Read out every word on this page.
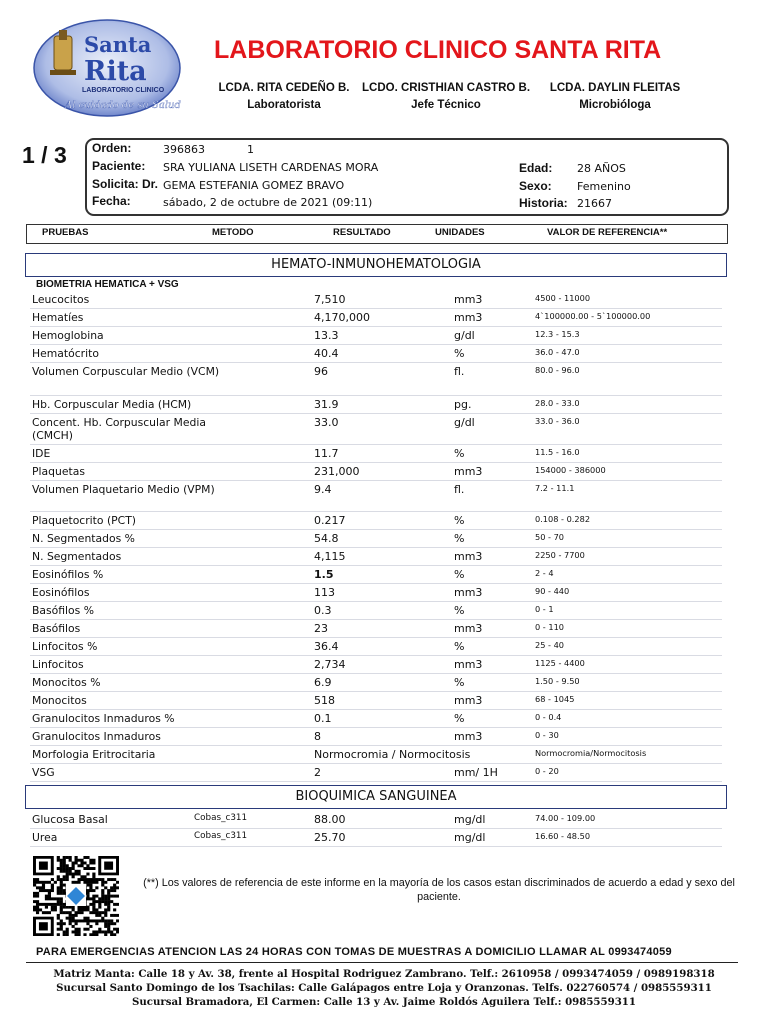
Santa
Rita
LABORATORIO CLINICO
Al cuidado de su Salud
LABORATORIO CLINICO SANTA RITA
LCDA. RITA CEDEÑO B.
Laboratorista
LCDO. CRISTHIAN CASTRO B.
Jefe Técnico
LCDA. DAYLIN FLEITAS
Microbióloga
1 / 3 Orden:	396863	1
Paciente: SRA YULIANA LISETH CARDENAS MORA
Solicita: Dr. GEMA ESTEFANIA GOMEZ BRAVO
Fecha:	sábado, 2 de octubre de 2021 (09:11)
Edad: 28 AÑOS
Sexo: Femenino
Historia: 21667
PRUEBAS	METODO	RESULTADO	UNIDADES	VALOR DE REFERENCIA**
HEMATO-INMUNOHEMATOLOGIA
BIOMETRIA HEMATICA + VSG
Leucocitos	7,510	mm3	4500 - 11000
Hematíes	4,170,000	mm3	4`100000.00 - 5`100000.00
Hemoglobina	13.3	g/dl	12.3 - 15.3
Hematócrito	40.4	%	36.0 - 47.0
Volumen Corpuscular Medio (VCM)	96	fl.	80.0 - 96.0
Hb. Corpuscular Media (HCM)	31.9	pg.	28.0 - 33.0
Concent. Hb. Corpuscular Media (CMCH)
33.0	g/dl	33.0 - 36.0
IDE	11.7	%	11.5 - 16.0
Plaquetas	231,000	mm3	154000 - 386000
Volumen Plaquetario Medio (VPM)	9.4	fl.	7.2 - 11.1
Plaquetocrito (PCT)	0.217	%	0.108 - 0.282
N. Segmentados %	54.8	%	50 - 70
N. Segmentados	4,115	mm3	2250 - 7700
Eosinófilos %	1.5	%	2 - 4
Eosinófilos	113	mm3	90 - 440
Basófilos %	0.3	%	0 - 1
Basófilos	23	mm3	0 - 110
Linfocitos %	36.4	%	25 - 40
Linfocitos	2,734	mm3	1125 - 4400
Monocitos %	6.9	%	1.50 - 9.50
Monocitos	518	mm3	68 - 1045
Granulocitos Inmaduros %	0.1	%	0 - 0.4
Granulocitos Inmaduros	8	mm3	0 - 30
Morfologia Eritrocitaria	Normocromia / Normocitosis	Normocromia/Normocitosis
VSG	2	mm/ 1H	0 - 20
BIOQUIMICA SANGUINEA
Glucosa Basal	Cobas_c311	88.00	mg/dl	74.00 - 109.00
Urea	Cobas_c311	25.70	mg/dl	16.60 - 48.50
(**) Los valores de referencia de este informe en la mayoría de los casos estan discriminados de acuerdo a edad y sexo del paciente.
PARA EMERGENCIAS ATENCION LAS 24 HORAS CON TOMAS DE MUESTRAS A DOMICILIO LLAMAR AL 0993474059
Matriz Manta: Calle 18 y Av. 38, frente al Hospital Rodriguez Zambrano. Telf.: 2610958 / 0993474059 / 0989198318
Sucursal Santo Domingo de los Tsachilas: Calle Galápagos entre Loja y Oranzonas. Telfs. 022760574 / 0985559311
Sucursal Bramadora, El Carmen: Calle 13 y Av. Jaime Roldós Aguilera Telf.: 0985559311
